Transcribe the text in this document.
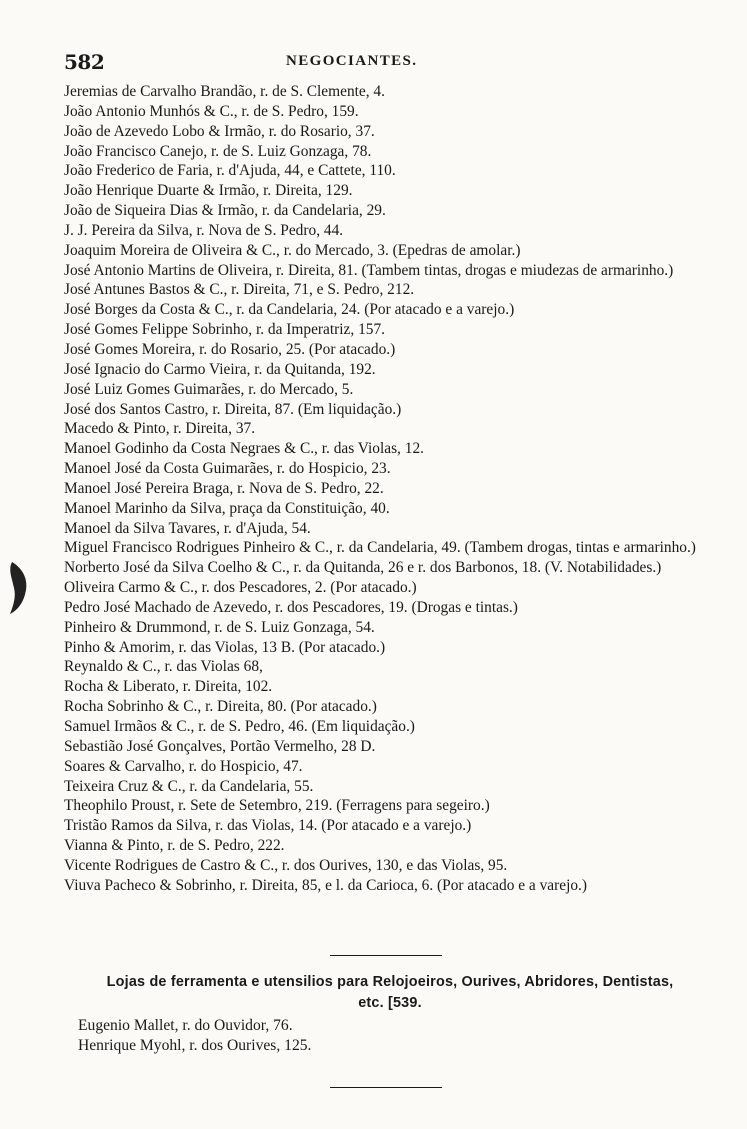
582	NEGOCIANTES.
Jeremias de Carvalho Brandão, r. de S. Clemente, 4.
João Antonio Munhós & C., r. de S. Pedro, 159.
João de Azevedo Lobo & Irmão, r. do Rosario, 37.
João Francisco Canejo, r. de S. Luiz Gonzaga, 78.
João Frederico de Faria, r. d'Ajuda, 44, e Cattete, 110.
João Henrique Duarte & Irmão, r. Direita, 129.
João de Siqueira Dias & Irmão, r. da Candelaria, 29.
J. J. Pereira da Silva, r. Nova de S. Pedro, 44.
Joaquim Moreira de Oliveira & C., r. do Mercado, 3. (Epedras de amolar.)
José Antonio Martins de Oliveira, r. Direita, 81. (Tambem tintas, drogas e miudezas de armarinho.)
José Antunes Bastos & C., r. Direita, 71, e S. Pedro, 212.
José Borges da Costa & C., r. da Candelaria, 24. (Por atacado e a varejo.)
José Gomes Felippe Sobrinho, r. da Imperatriz, 157.
José Gomes Moreira, r. do Rosario, 25. (Por atacado.)
José Ignacio do Carmo Vieira, r. da Quitanda, 192.
José Luiz Gomes Guimarães, r. do Mercado, 5.
José dos Santos Castro, r. Direita, 87. (Em liquidação.)
Macedo & Pinto, r. Direita, 37.
Manoel Godinho da Costa Negraes & C., r. das Violas, 12.
Manoel José da Costa Guimarães, r. do Hospicio, 23.
Manoel José Pereira Braga, r. Nova de S. Pedro, 22.
Manoel Marinho da Silva, praça da Constituição, 40.
Manoel da Silva Tavares, r. d'Ajuda, 54.
Miguel Francisco Rodrigues Pinheiro & C., r. da Candelaria, 49. (Tambem drogas, tintas e armarinho.)
Norberto José da Silva Coelho & C., r. da Quitanda, 26 e r. dos Barbonos, 18. (V. Notabilidades.)
Oliveira Carmo & C., r. dos Pescadores, 2. (Por atacado.)
Pedro José Machado de Azevedo, r. dos Pescadores, 19. (Drogas e tintas.)
Pinheiro & Drummond, r. de S. Luiz Gonzaga, 54.
Pinho & Amorim, r. das Violas, 13 B. (Por atacado.)
Reynaldo & C., r. das Violas 68,
Rocha & Liberato, r. Direita, 102.
Rocha Sobrinho & C., r. Direita, 80. (Por atacado.)
Samuel Irmãos & C., r. de S. Pedro, 46. (Em liquidação.)
Sebastião José Gonçalves, Portão Vermelho, 28 D.
Soares & Carvalho, r. do Hospicio, 47.
Teixeira Cruz & C., r. da Candelaria, 55.
Theophilo Proust, r. Sete de Setembro, 219. (Ferragens para segeiro.)
Tristão Ramos da Silva, r. das Violas, 14. (Por atacado e a varejo.)
Vianna & Pinto, r. de S. Pedro, 222.
Vicente Rodrigues de Castro & C., r. dos Ourives, 130, e das Violas, 95.
Viuva Pacheco & Sobrinho, r. Direita, 85, e l. da Carioca, 6. (Por atacado e a varejo.)
Lojas de ferramenta e utensilios para Relojoeiros, Ourives, Abridores, Dentistas, etc. [539.
Eugenio Mallet, r. do Ouvidor, 76.
Henrique Myohl, r. dos Ourives, 125.
